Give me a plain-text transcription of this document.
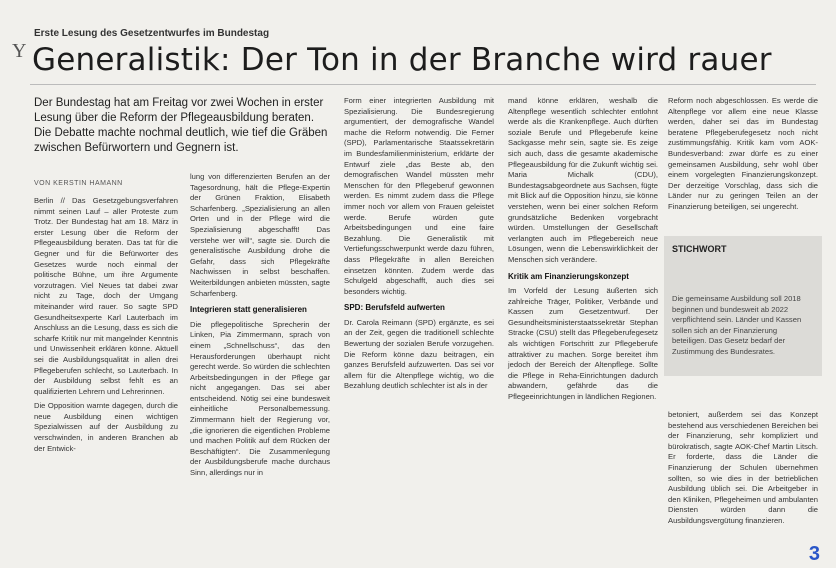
Erste Lesung des Gesetzentwurfes im Bundestag
Y Generalistik: Der Ton in der Branche wird rauer
Der Bundestag hat am Freitag vor zwei Wochen in erster Lesung über die Reform der Pflegeausbildung beraten. Die Debatte machte nochmal deutlich, wie tief die Gräben zwischen Befürwortern und Gegnern ist.
VON KERSTIN HAMANN

Berlin // Das Gesetzgebungsverfahren nimmt seinen Lauf – aller Proteste zum Trotz. Der Bundestag hat am 18. März in erster Lesung über die Reform der Pflegeausbildung beraten. Das tat für die Gegner und für die Befürworter des Gesetzes wurde noch einmal der politische Bühne, um ihre Argumente vorzutragen. Viel Neues tat dabei zwar nicht zu Tage, doch der Umgang miteinander wird rauer. So sagte SPD Gesundheitsexperte Karl Lauterbach im Anschluss an die Lesung, dass es sich die scharfe Kritik nur mit mangelnder Kenntnis und Unwissenheit erklären könne. Aktuell sei die Ausbildungsqualität in allen drei Pflegeberufen schlecht, so Lauterbach. In der Ausbildung selbst fehlt es an qualifizierten Lehrern und Lehrerinnen.

Die Opposition warnte dagegen, durch die neue Ausbildung einen wichtigen Spezialwissen auf der Ausbildung zu verschwinden, in anderen Branchen ab der Entwick-

lung von differenzierten Berufen an der Tagesordnung, hält die Pflege-Expertin der Grünen Fraktion, Elisabeth Scharfenberg. „Spezialisierung an allen Orten und in der Pflege wird die Spezialisierung abgeschafft! Das verstehe wer will“, sagte sie. Durch die generalistische Ausbildung drohe die Gefahr, dass sich Pflegekräfte Nachwissen in selbst beschaffen. Weiterbildungen anbieten müssten, sagte Scharfenberg.

Integrieren statt generalisieren

Die pflegepolitische Sprecherin der Linken, Pia Zimmermann, sprach von einem „Schnellschuss“, das den Herausforderungen überhaupt nicht gerecht werde. So würden die schlechten Arbeitsbedingungen in der Pflege gar nicht angegangen. Das sei aber entscheidend. Nötig sei eine bundesweit einheitliche Personalbemessung. Zimmermann hielt der Regierung vor, „die ignorieren die eigentlichen Probleme und machen Politik auf dem Rücken der Beschäftigten“. Die Zusammenlegung der Ausbildungsberufe mache durchaus Sinn, allerdings nur in

Form einer integrierten Ausbildung mit Spezialisierung. Die Bundesregierung argumentiert, der demografische Wandel mache die Reform notwendig. Die Ferner (SPD), Parlamentarische Staatssekretärin im Bundesfamilienministerium, erklärte der Entwurf ziele „das Beste ab, den demografischen Wandel müssten mehr Menschen für den Pflegeberuf gewonnen werden. Es nimmt zudem dass die Pflege immer noch vor allem von Frauen geleistet werde. Berufe würden gute Arbeitsbedingungen und eine faire Bezahlung. Die Generalistik mit Vertiefungsschwerpunkt werde dazu führen, dass Pflegekräfte in allen Bereichen einsetzen könnten. Zudem werde das Schulgeld abgeschafft, auch dies sei besonders wichtig.

SPD: Berufsfeld aufwerten

Dr. Carola Reimann (SPD) ergänzte, es sei an der Zeit, gegen die traditionell schlechte Bewertung der sozialen Berufe vorzugehen. Die Reform könne dazu beitragen, ein ganzes Berufsfeld aufzuwerten. Das sei vor allem für die Altenpflege wichtig, wo die Bezahlung deutlich schlechter ist als in der

mand könne erklären, weshalb die Altenpflege wesentlich schlechter entlohnt werde als die Krankenpflege. Auch dürften soziale Berufe und Pflegeberufe keine Sackgasse mehr sein, sagte sie. Es zeige sich auch, dass die gesamte akademische Pflegeausbildung für die Zukunft wichtig sei. Maria Michalk (CDU), Bundestagsabgeordnete aus Sachsen, fügte mit Blick auf die Opposition hinzu, sie könne verstehen, wenn bei einer solchen Reform grundsätzliche Bedenken vorgebracht würden. Umstellungen der Gesellschaft verlangten auch im Pflegebereich neue Lösungen, wenn die Lebenswirklichkeit der Menschen sich verändere.

Kritik am Finanzierungskonzept

Im Vorfeld der Lesung äußerten sich zahlreiche Träger, Politiker, Verbände und Kassen zum Gesetzentwurf. Der Gesundheitsministerstaatssekretär Stephan Stracke (CSU) stellt das Pflegeberufegesetz als wichtigen Fortschritt zur Pflegeberufe attraktiver zu machen. Sorge bereitet ihm jedoch der Bereich der Altenpflege. Sollte die Pflege in Reha-Einrichtungen dadurch abwandern, gefährde das die Pflegeeinrichtungen in ländlichen Regionen.

Reform noch abgeschlossen. Es werde die Altenpflege vor allem eine neue Klasse werden, daher sei das im Bundestag beratene Pflegeberufegesetz noch nicht zustimmungsfähig. Kritik kam vom AOK-Bundesverband: zwar dürfe es zu einer gemeinsamen Ausbildung, sehr wohl über einem vorgelegten Finanzierungskonzept. Der derzeitige Vorschlag, dass sich die Länder nur zu geringen Teilen an der Finanzierung beteiligen, sei ungerecht.

STICHWORT
Die gemeinsame Ausbildung soll 2018 beginnen und bundesweit ab 2022 verpflichtend sein. Länder und Kassen sollen sich an der Finanzierung beteiligen. Das Gesetz bedarf der Zustimmung des Bundesrates.

betoniert, außerdem sei das Konzept bestehend aus verschiedenen Bereichen bei der Finanzierung, sehr kompliziert und bürokratisch, sagte AOK-Chef Martin Litsch. Er forderte, dass die Länder die Finanzierung der Schulen übernehmen sollten, so wie dies in der betrieblichen Ausbildung üblich sei. Die Arbeitgeber in den Kliniken, Pflegeheimen und ambulanten Diensten würden dann die Ausbildungsvergütung finanzieren.

3
